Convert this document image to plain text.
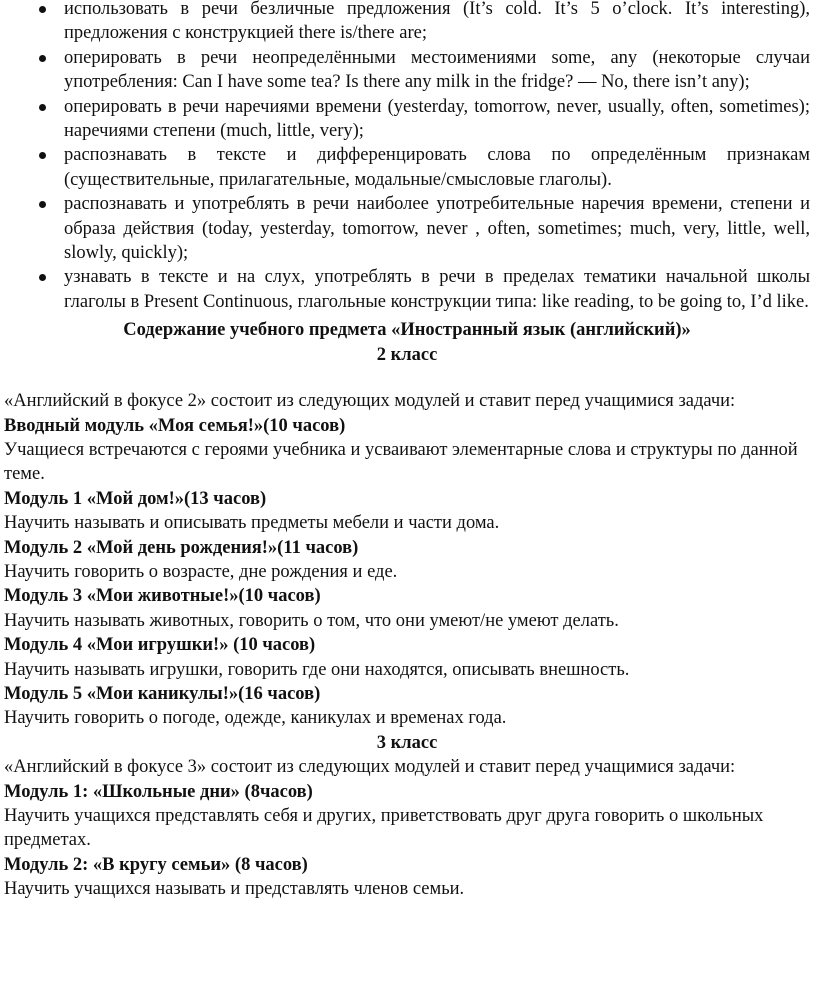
использовать в речи безличные предложения (It’s cold. It’s 5 o’clock. It’s interesting), предложения с конструкцией there is/there are;
оперировать в речи неопределёнными местоимениями some, any (некоторые случаи употребления: Can I have some tea? Is there any milk in the fridge? — No, there isn’t any);
оперировать в речи наречиями времени (yesterday, tomorrow, never, usually, often, sometimes); наречиями степени (much, little, very);
распознавать в тексте и дифференцировать слова по определённым признакам (существительные, прилагательные, модальные/смысловые глаголы).
распознавать и употреблять в речи наиболее употребительные наречия времени, степени и образа действия (today, yesterday, tomorrow, never , often, sometimes; much, very, little, well, slowly, quickly);
узнавать в тексте и на слух, употреблять в речи в пределах тематики начальной школы глаголы в Present Continuous, глагольные конструкции типа: like reading, to be going to, I’d like.

Содержание учебного предмета «Иностранный язык (английский)»

2 класс

«Английский в фокусе 2» состоит из следующих модулей и ставит перед учащимися задачи:

Вводный модуль «Моя семья!»(10 часов)

Учащиеся встречаются с героями учебника и усваивают элементарные слова и структуры по данной теме.

Модуль 1 «Мой дом!»(13 часов)

Научить называть и описывать предметы мебели и части дома.

Модуль 2 «Мой день рождения!»(11 часов)

Научить говорить о возрасте, дне рождения и еде.

Модуль 3 «Мои животные!»(10 часов)

Научить называть животных, говорить о том, что они умеют/не умеют делать.

Модуль 4 «Мои игрушки!» (10 часов)

Научить называть игрушки, говорить где они находятся, описывать внешность.

Модуль 5 «Мои каникулы!»(16 часов)

Научить говорить о погоде, одежде, каникулах и временах года.

3 класс

«Английский в фокусе 3» состоит из следующих модулей и ставит перед учащимися задачи:

Модуль 1: «Школьные дни» (8часов)

Научить учащихся представлять себя и других, приветствовать друг друга говорить о школьных предметах.

Модуль 2: «В кругу семьи» (8 часов)

Научить учащихся называть и представлять членов семьи.
